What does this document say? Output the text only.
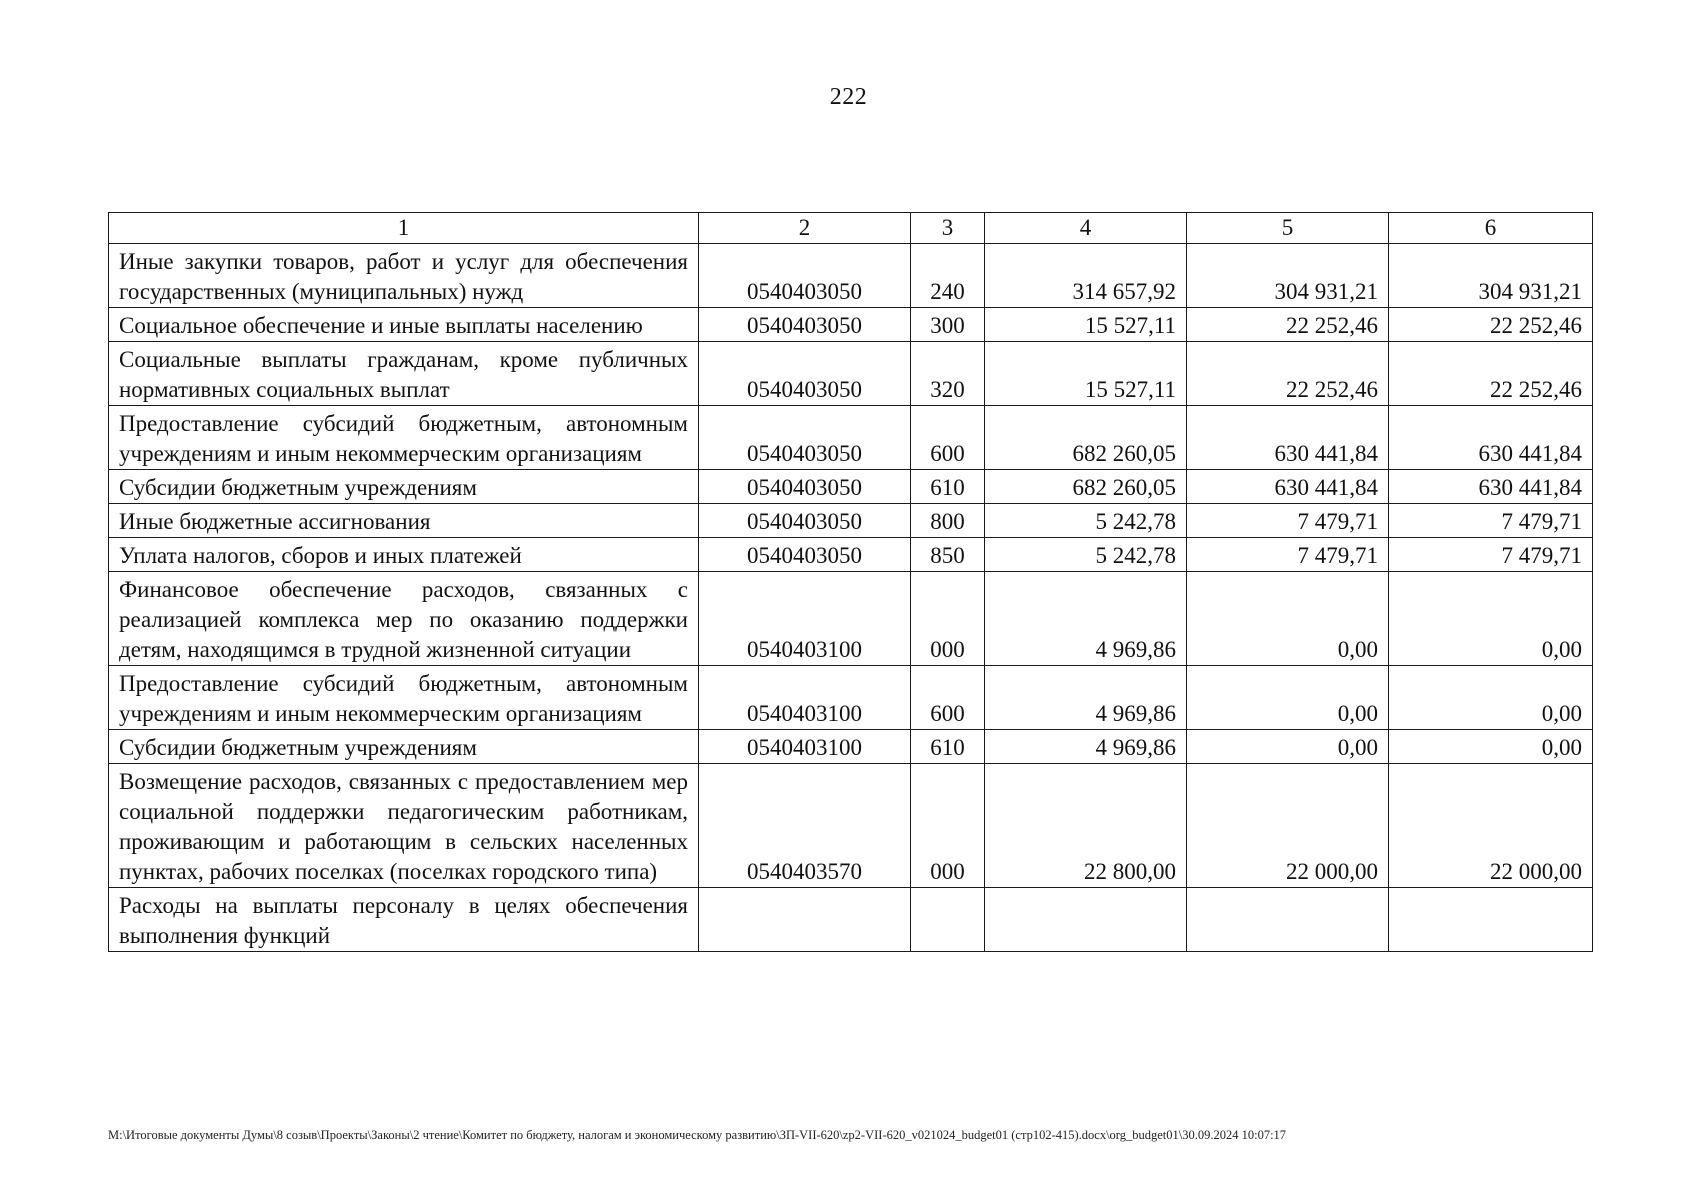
222
1	2	3	4	5	6
Иные закупки товаров, работ и услуг для обеспечения государственных (муниципальных) нужд	0540403050	240	314 657,92	304 931,21	304 931,21
Социальное обеспечение и иные выплаты населению	0540403050	300	15 527,11	22 252,46	22 252,46
Социальные выплаты гражданам, кроме публичных нормативных социальных выплат	0540403050	320	15 527,11	22 252,46	22 252,46
Предоставление субсидий бюджетным, автономным учреждениям и иным некоммерческим организациям	0540403050	600	682 260,05	630 441,84	630 441,84
Субсидии бюджетным учреждениям	0540403050	610	682 260,05	630 441,84	630 441,84
Иные бюджетные ассигнования	0540403050	800	5 242,78	7 479,71	7 479,71
Уплата налогов, сборов и иных платежей	0540403050	850	5 242,78	7 479,71	7 479,71
Финансовое обеспечение расходов, связанных с реализацией комплекса мер по оказанию поддержки детям, находящимся в трудной жизненной ситуации	0540403100	000	4 969,86	0,00	0,00
Предоставление субсидий бюджетным, автономным учреждениям и иным некоммерческим организациям	0540403100	600	4 969,86	0,00	0,00
Субсидии бюджетным учреждениям	0540403100	610	4 969,86	0,00	0,00
Возмещение расходов, связанных с предоставлением мер социальной поддержки педагогическим работникам, проживающим и работающим в сельских населенных пунктах, рабочих поселках (поселках городского типа)	0540403570	000	22 800,00	22 000,00	22 000,00
Расходы на выплаты персоналу в целях обеспечения выполнения функций					
M:\Итоговые документы Думы\8 созыв\Проекты\Законы\2 чтение\Комитет по бюджету, налогам и экономическому развитию\ЗП-VII-620\zp2-VII-620_v021024_budget01 (стр102-415).docx\org_budget01\30.09.2024 10:07:17
